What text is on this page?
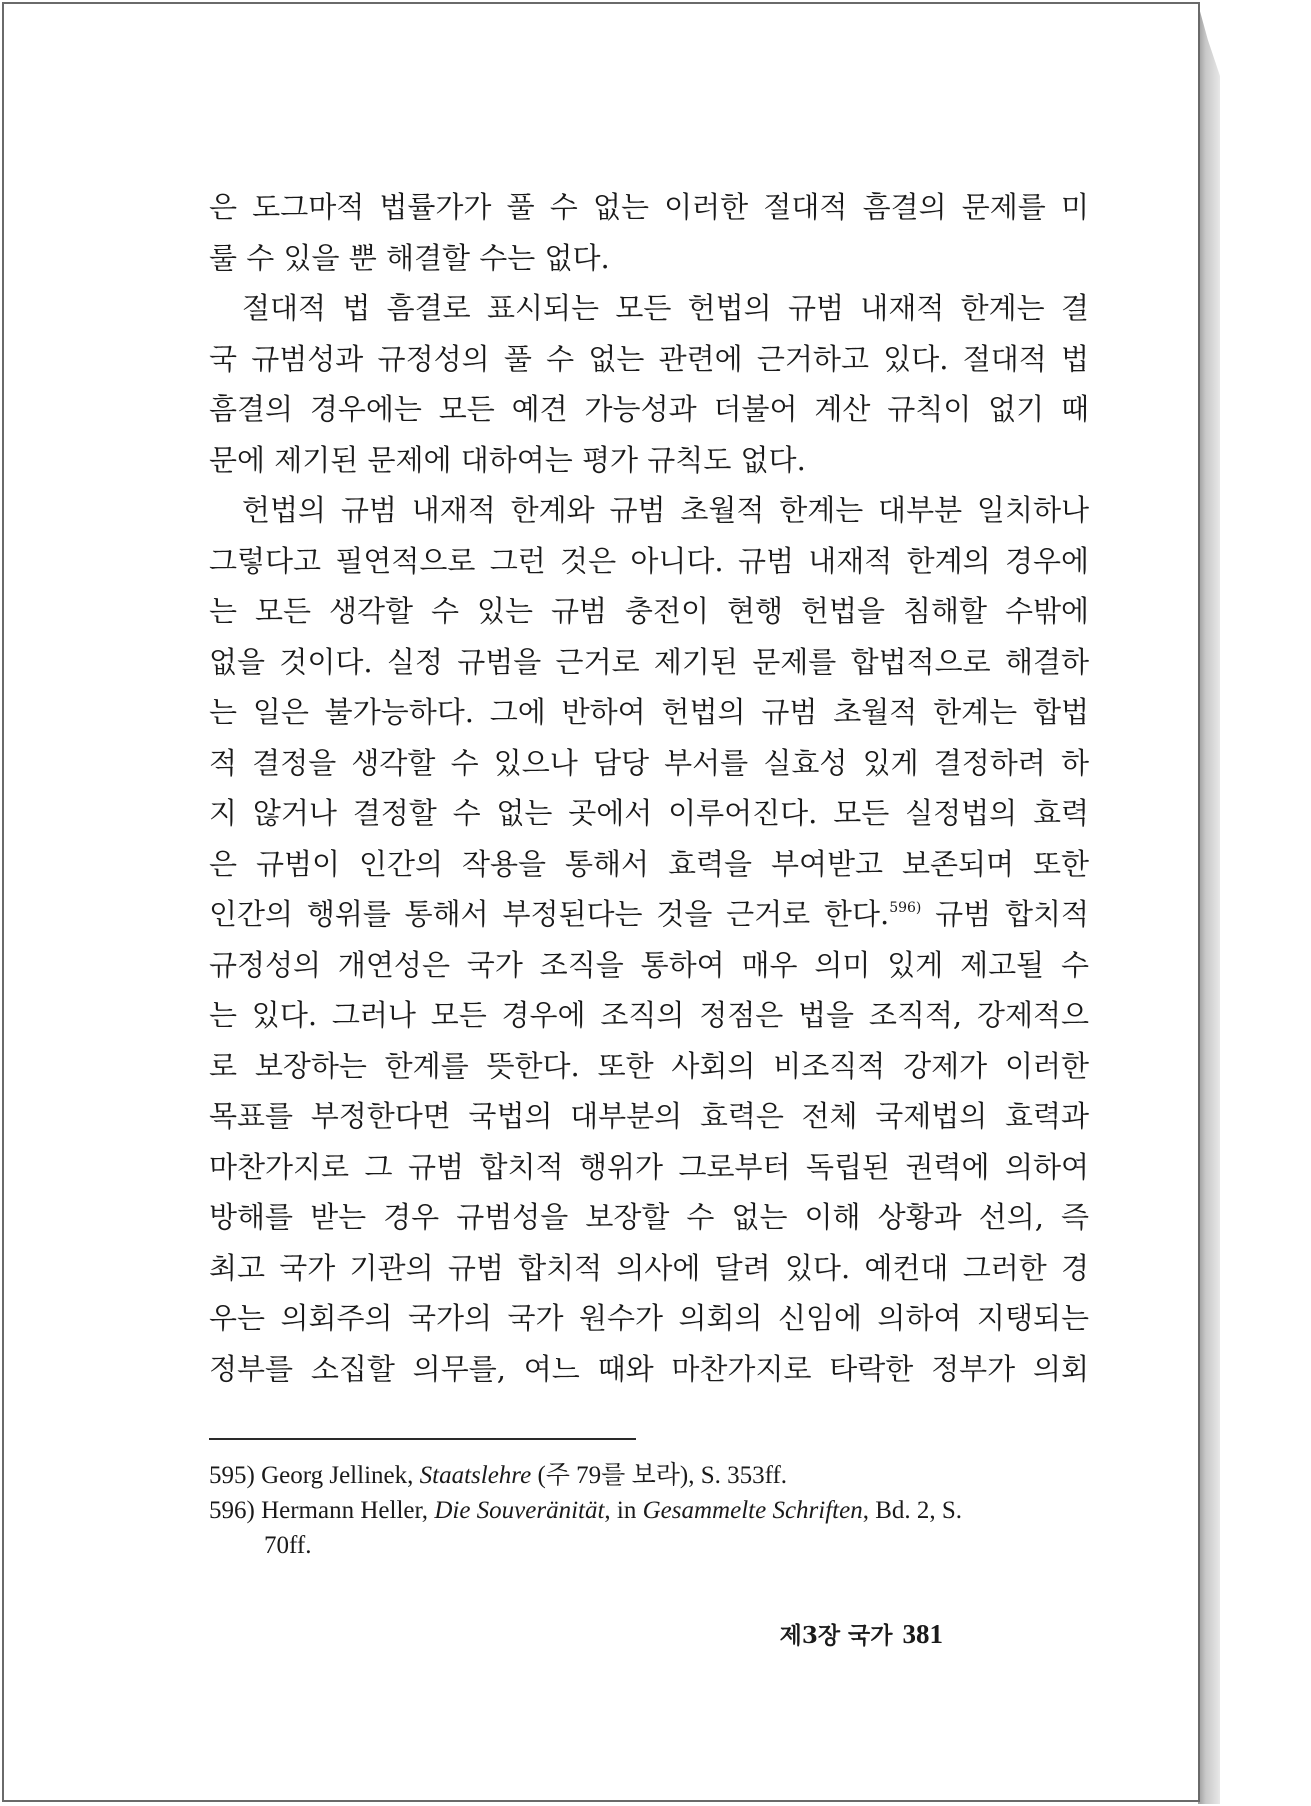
은 도그마적 법률가가 풀 수 없는 이러한 절대적 흠결의 문제를 미
룰 수 있을 뿐 해결할 수는 없다.
절대적 법 흠결로 표시되는 모든 헌법의 규범 내재적 한계는 결
국 규범성과 규정성의 풀 수 없는 관련에 근거하고 있다. 절대적 법
흠결의 경우에는 모든 예견 가능성과 더불어 계산 규칙이 없기 때
문에 제기된 문제에 대하여는 평가 규칙도 없다.
헌법의 규범 내재적 한계와 규범 초월적 한계는 대부분 일치하나
그렇다고 필연적으로 그런 것은 아니다. 규범 내재적 한계의 경우에
는 모든 생각할 수 있는 규범 충전이 현행 헌법을 침해할 수밖에
없을 것이다. 실정 규범을 근거로 제기된 문제를 합법적으로 해결하
는 일은 불가능하다. 그에 반하여 헌법의 규범 초월적 한계는 합법
적 결정을 생각할 수 있으나 담당 부서를 실효성 있게 결정하려 하
지 않거나 결정할 수 없는 곳에서 이루어진다. 모든 실정법의 효력
은 규범이 인간의 작용을 통해서 효력을 부여받고 보존되며 또한
인간의 행위를 통해서 부정된다는 것을 근거로 한다.$^{596)}$ 규범 합치적
규정성의 개연성은 국가 조직을 통하여 매우 의미 있게 제고될 수
는 있다. 그러나 모든 경우에 조직의 정점은 법을 조직적, 강제적으
로 보장하는 한계를 뜻한다. 또한 사회의 비조직적 강제가 이러한
목표를 부정한다면 국법의 대부분의 효력은 전체 국제법의 효력과
마찬가지로 그 규범 합치적 행위가 그로부터 독립된 권력에 의하여
방해를 받는 경우 규범성을 보장할 수 없는 이해 상황과 선의, 즉
최고 국가 기관의 규범 합치적 의사에 달려 있다. 예컨대 그러한 경
우는 의회주의 국가의 국가 원수가 의회의 신임에 의하여 지탱되는
정부를 소집할 의무를, 여느 때와 마찬가지로 타락한 정부가 의회
595) Georg Jellinek, Staatslehre (주 79를 보라), S. 353ff.
596) Hermann Heller, Die Souveränität, in Gesammelte Schriften, Bd. 2, S.
70ff.
제3장 국가 381
